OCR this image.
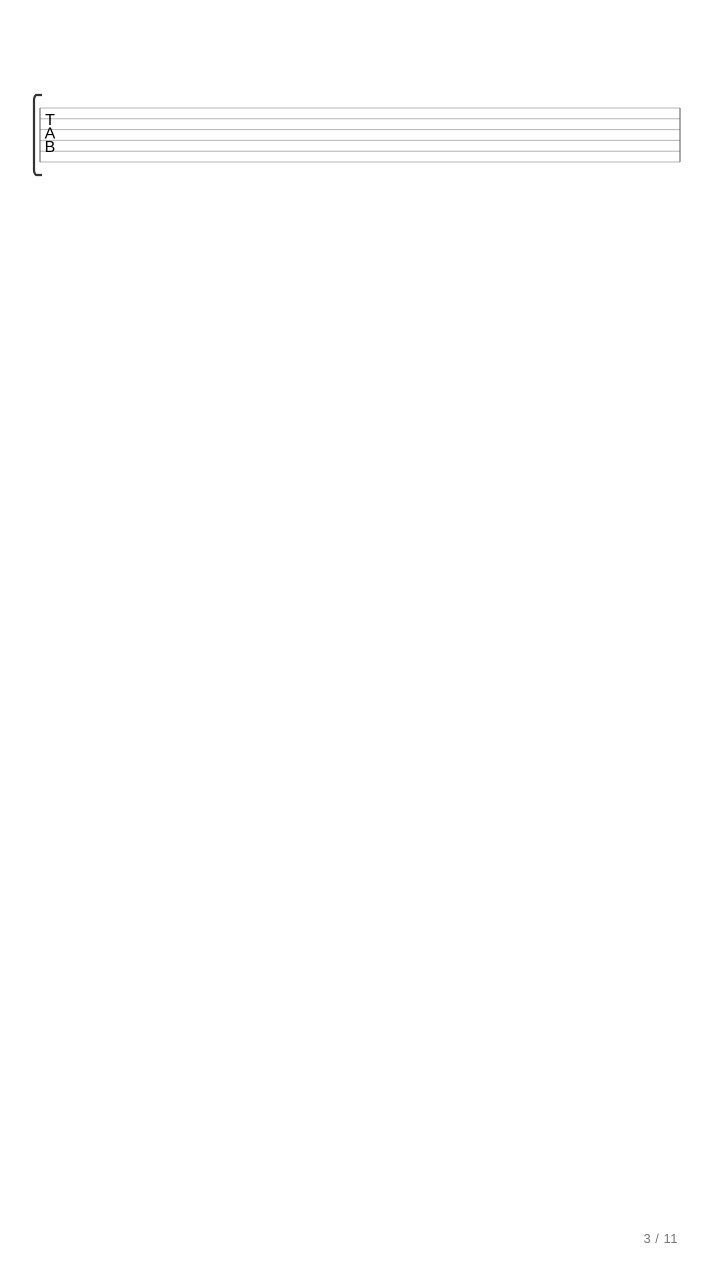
T
A
B
3 / 11
